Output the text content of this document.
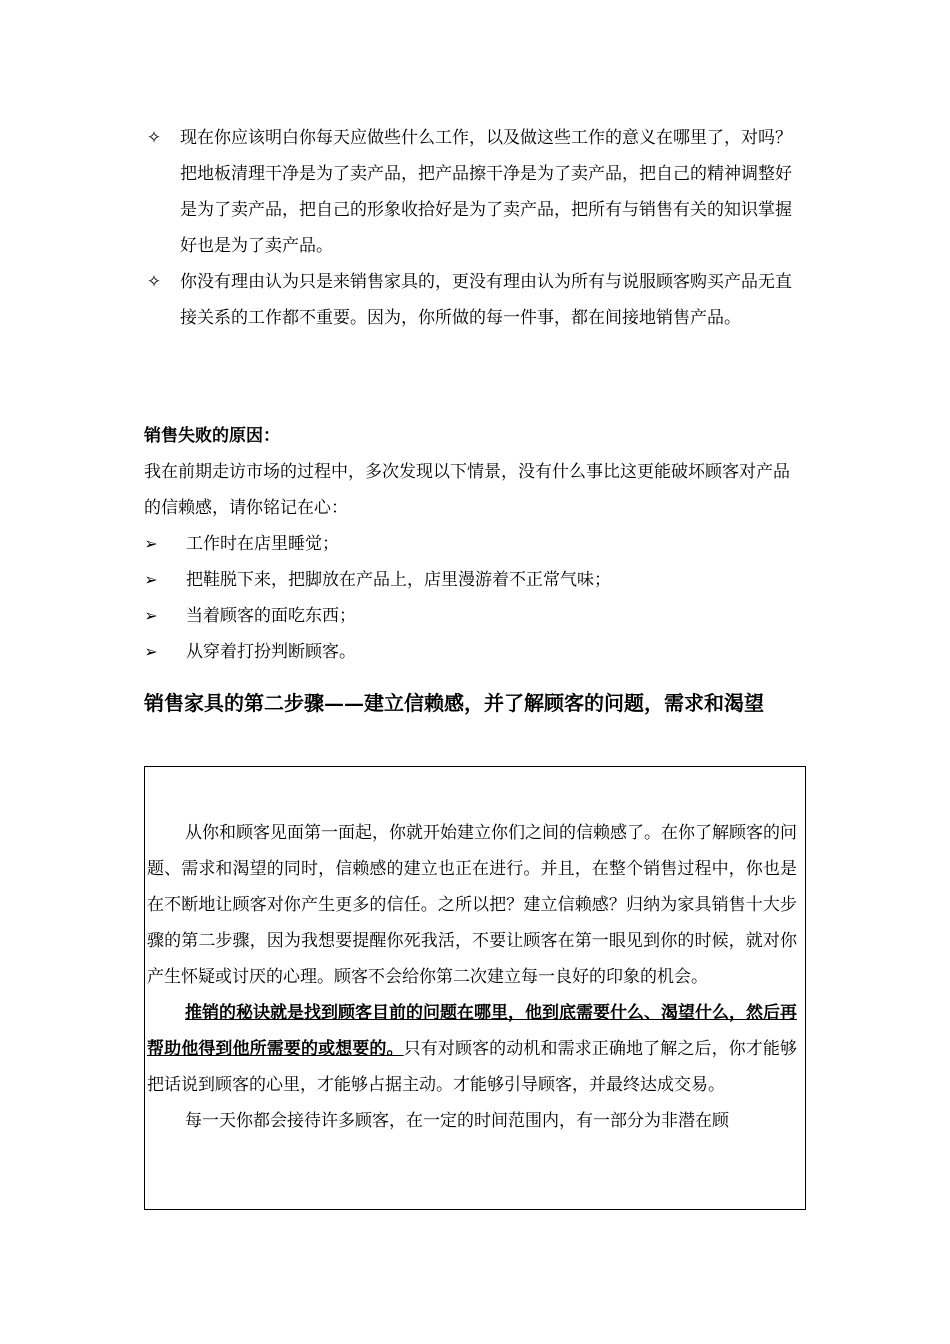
✧ 现在你应该明白你每天应做些什么工作，以及做这些工作的意义在哪里了，对吗？把地板清理干净是为了卖产品，把产品擦干净是为了卖产品，把自己的精神调整好是为了卖产品，把自己的形象收拾好是为了卖产品，把所有与销售有关的知识掌握好也是为了卖产品。
✧ 你没有理由认为只是来销售家具的，更没有理由认为所有与说服顾客购买产品无直接关系的工作都不重要。因为，你所做的每一件事，都在间接地销售产品。
销售失败的原因：
我在前期走访市场的过程中，多次发现以下情景，没有什么事比这更能破坏顾客对产品的信赖感，请你铭记在心：
➢ 工作时在店里睡觉；
➢ 把鞋脱下来，把脚放在产品上，店里漫游着不正常气味；
➢ 当着顾客的面吃东西；
➢ 从穿着打扮判断顾客。
销售家具的第二步骤——建立信赖感，并了解顾客的问题，需求和渴望

从你和顾客见面第一面起，你就开始建立你们之间的信赖感了。在你了解顾客的问题、需求和渴望的同时，信赖感的建立也正在进行。并且，在整个销售过程中，你也是在不断地让顾客对你产生更多的信任。之所以把？建立信赖感？归纳为家具销售十大步骤的第二步骤，因为我想要提醒你死我活，不要让顾客在第一眼见到你的时候，就对你产生怀疑或讨厌的心理。顾客不会给你第二次建立每一良好的印象的机会。

推销的秘诀就是找到顾客目前的问题在哪里，他到底需要什么、渴望什么，然后再帮助他得到他所需要的或想要的。只有对顾客的动机和需求正确地了解之后，你才能够把话说到顾客的心里，才能够占据主动。才能够引导顾客，并最终达成交易。

每一天你都会接待许多顾客，在一定的时间范围内，有一部分为非潜在顾
